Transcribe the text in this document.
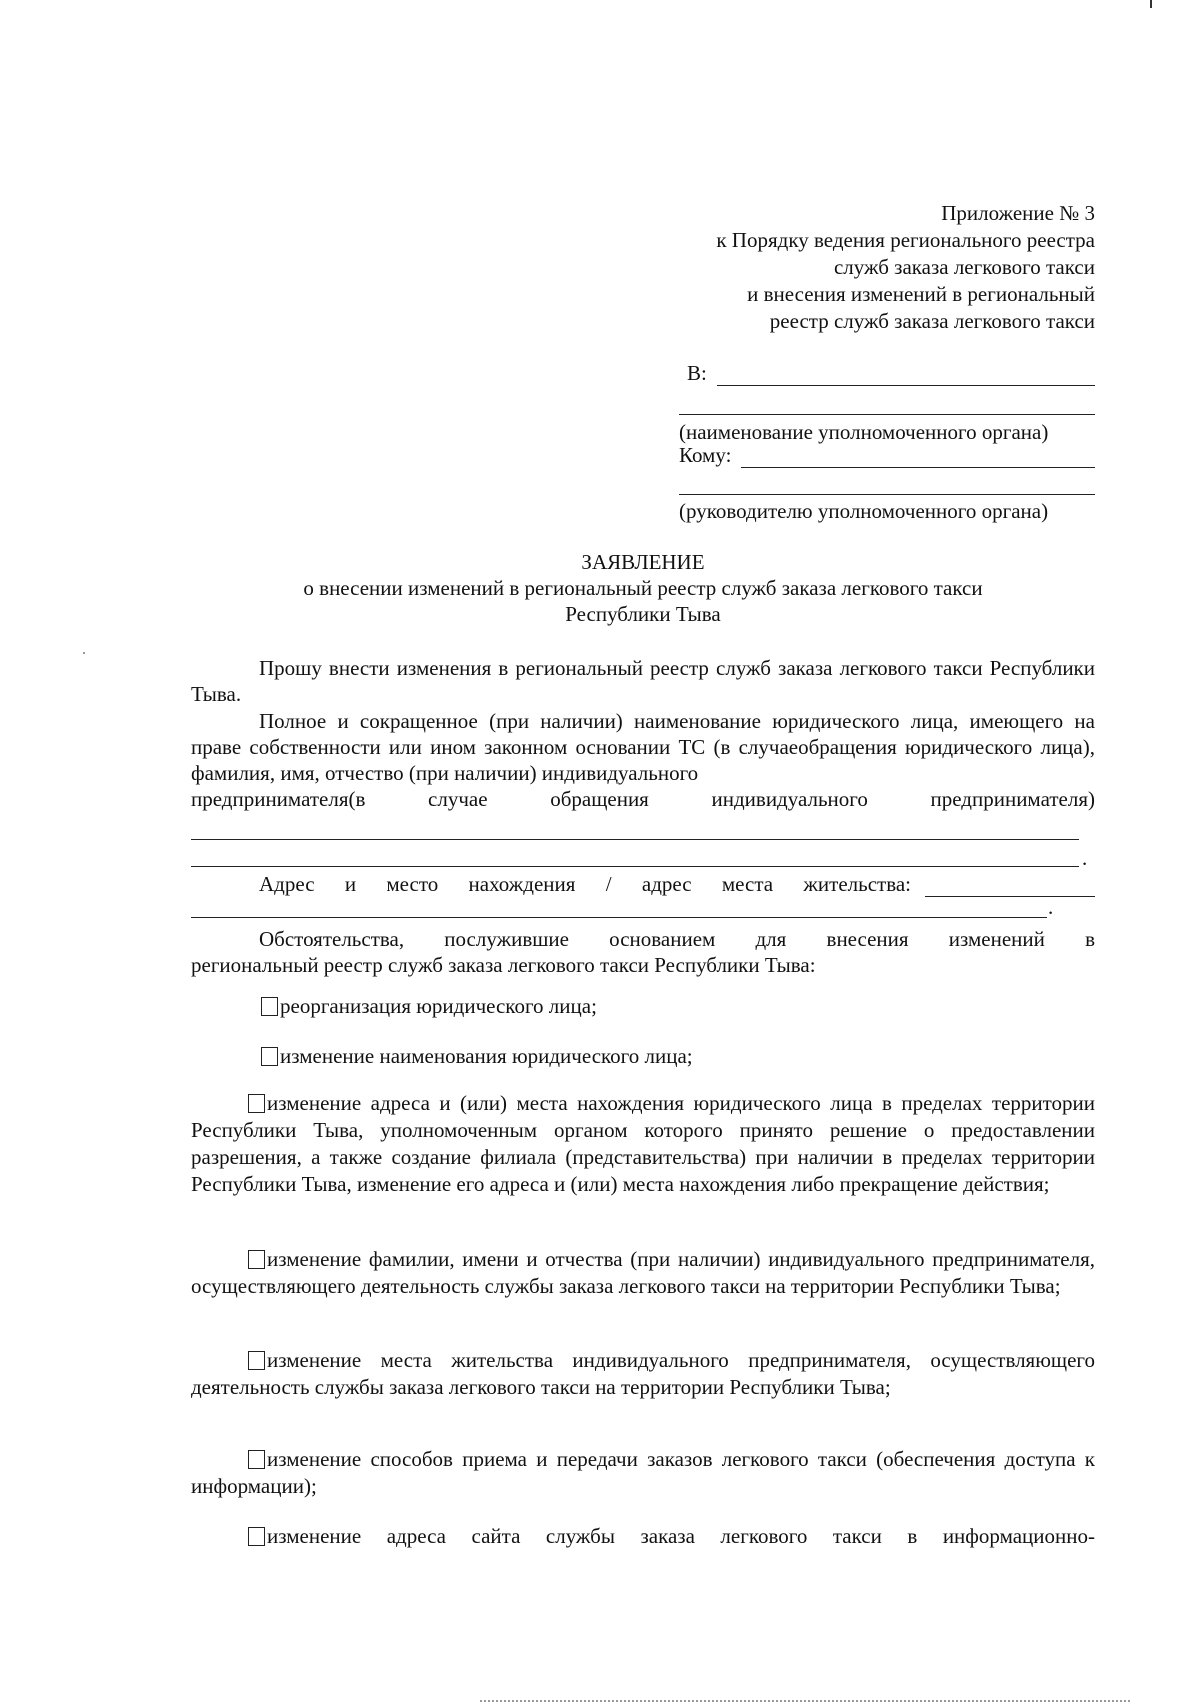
Приложение № 3
к Порядку ведения регионального реестра
служб заказа легкового такси
и внесения изменений в региональный
реестр служб заказа легкового такси
В:
(наименование уполномоченного органа)
Кому:
(руководителю уполномоченного органа)
ЗАЯВЛЕНИЕ
о внесении изменений в региональный реестр служб заказа легкового такси
Республики Тыва
Прошу внести изменения в региональный реестр служб заказа легкового такси Республики Тыва.
Полное и сокращенное (при наличии) наименование юридического лица, имеющего на праве собственности или ином законном основании ТС (в случаеобращения юридического лица), фамилия, имя, отчество (при наличии) индивидуального
предпринимателя(в случае обращения индивидуального предпринимателя)
.
Адрес и место нахождения / адрес места жительства:
.
Обстоятельства, послужившие основанием для внесения изменений в
региональный реестр служб заказа легкового такси Республики Тыва:
реорганизация юридического лица;
изменение наименования юридического лица;
изменение адреса и (или) места нахождения юридического лица в пределах территории Республики Тыва, уполномоченным органом которого принято решение о предоставлении разрешения, а также создание филиала (представительства) при наличии в пределах территории Республики Тыва, изменение его адреса и (или) места нахождения либо прекращение действия;
изменение фамилии, имени и отчества (при наличии) индивидуального предпринимателя, осуществляющего деятельность службы заказа легкового такси на территории Республики Тыва;
изменение места жительства индивидуального предпринимателя, осуществляющего деятельность службы заказа легкового такси на территории Республики Тыва;
изменение способов приема и передачи заказов легкового такси (обеспечения доступа к информации);
изменение адреса сайта службы заказа легкового такси в информационно-
